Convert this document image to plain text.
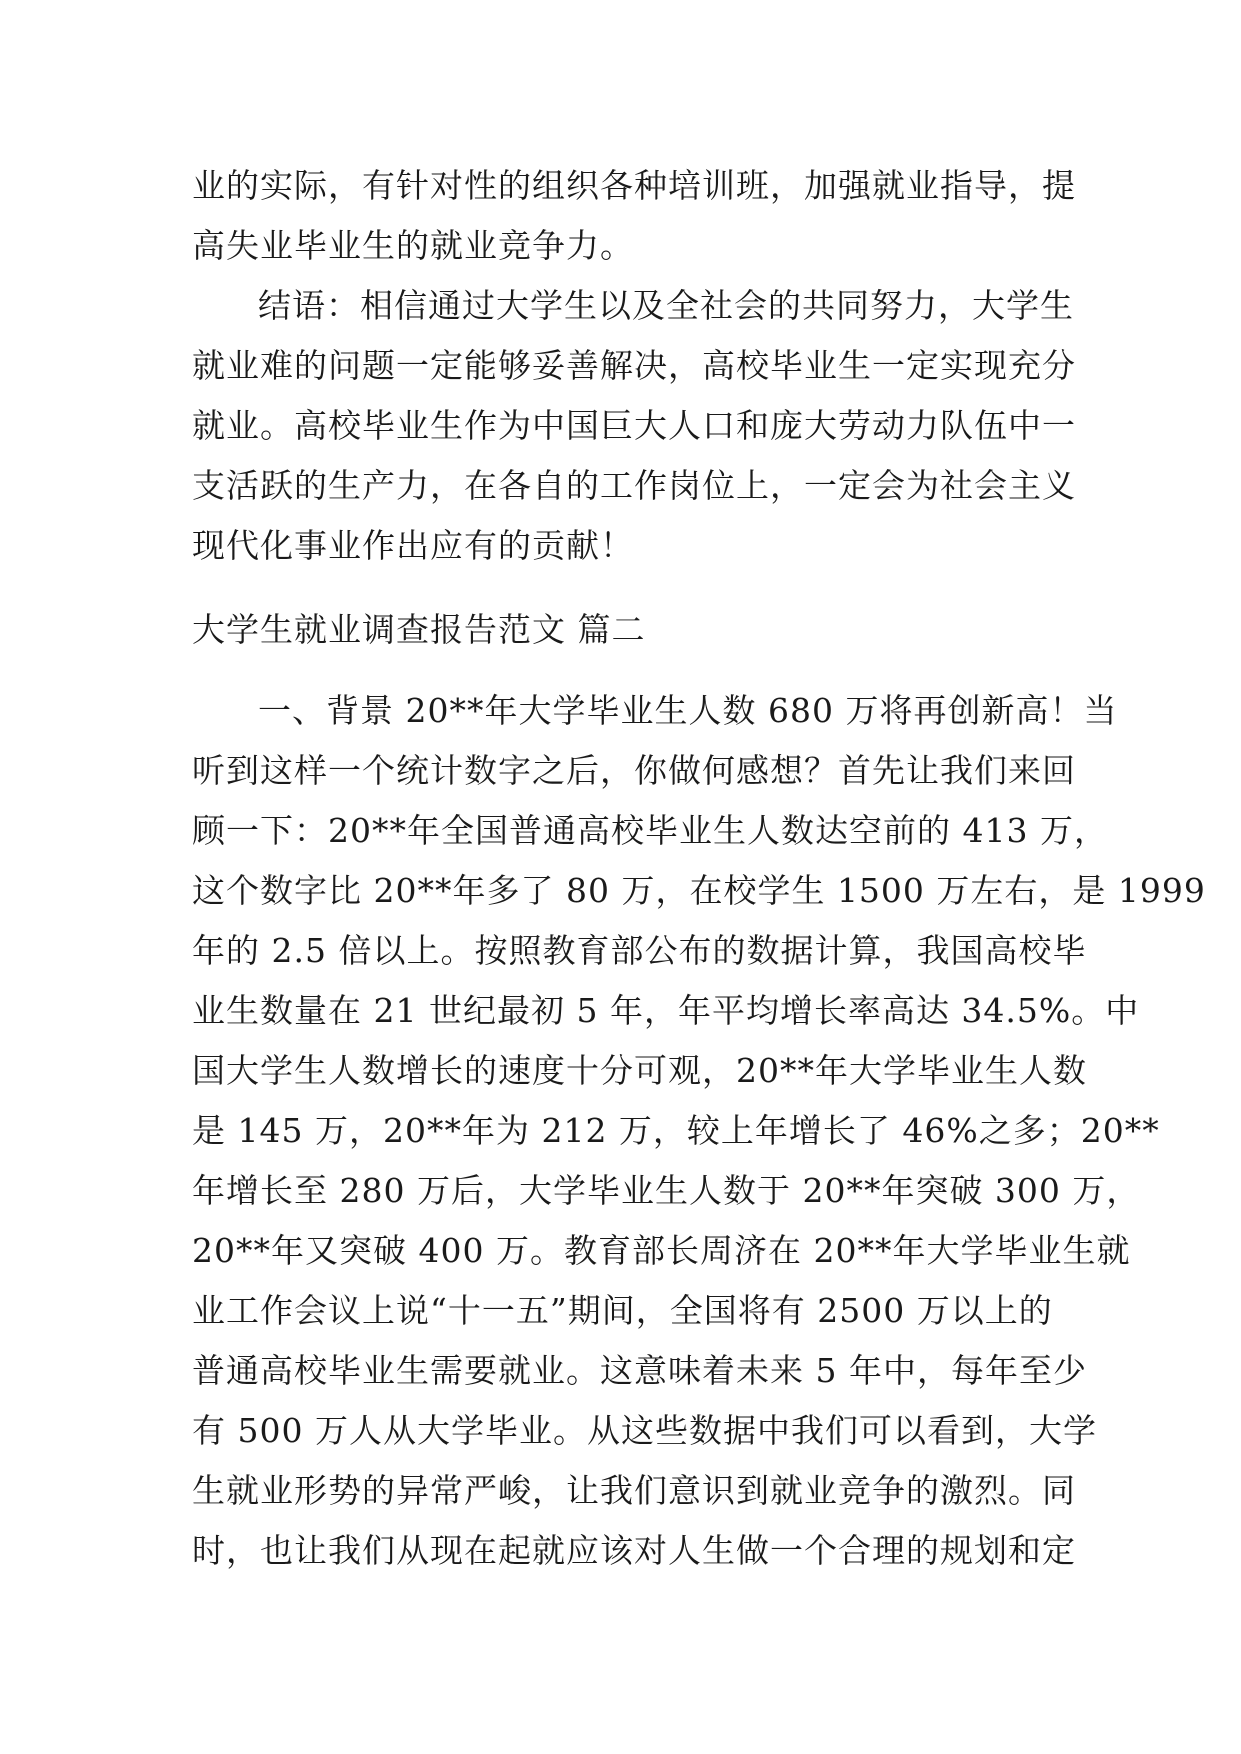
业的实际，有针对性的组织各种培训班，加强就业指导，提
高失业毕业生的就业竞争力。
结语：相信通过大学生以及全社会的共同努力，大学生
就业难的问题一定能够妥善解决，高校毕业生一定实现充分
就业。高校毕业生作为中国巨大人口和庞大劳动力队伍中一
支活跃的生产力，在各自的工作岗位上，一定会为社会主义
现代化事业作出应有的贡献！
大学生就业调查报告范文 篇二
一、背景 20**年大学毕业生人数 680 万将再创新高！当
听到这样一个统计数字之后，你做何感想？首先让我们来回
顾一下：20**年全国普通高校毕业生人数达空前的 413 万，
这个数字比 20**年多了 80 万，在校学生 1500 万左右，是 1999
年的 2.5 倍以上。按照教育部公布的数据计算，我国高校毕
业生数量在 21 世纪最初 5 年，年平均增长率高达 34.5%。中
国大学生人数增长的速度十分可观，20**年大学毕业生人数
是 145 万，20**年为 212 万，较上年增长了 46%之多；20**
年增长至 280 万后，大学毕业生人数于 20**年突破 300 万，
20**年又突破 400 万。教育部长周济在 20**年大学毕业生就
业工作会议上说“十一五”期间，全国将有 2500 万以上的
普通高校毕业生需要就业。这意味着未来 5 年中，每年至少
有 500 万人从大学毕业。从这些数据中我们可以看到，大学
生就业形势的异常严峻，让我们意识到就业竞争的激烈。同
时，也让我们从现在起就应该对人生做一个合理的规划和定
